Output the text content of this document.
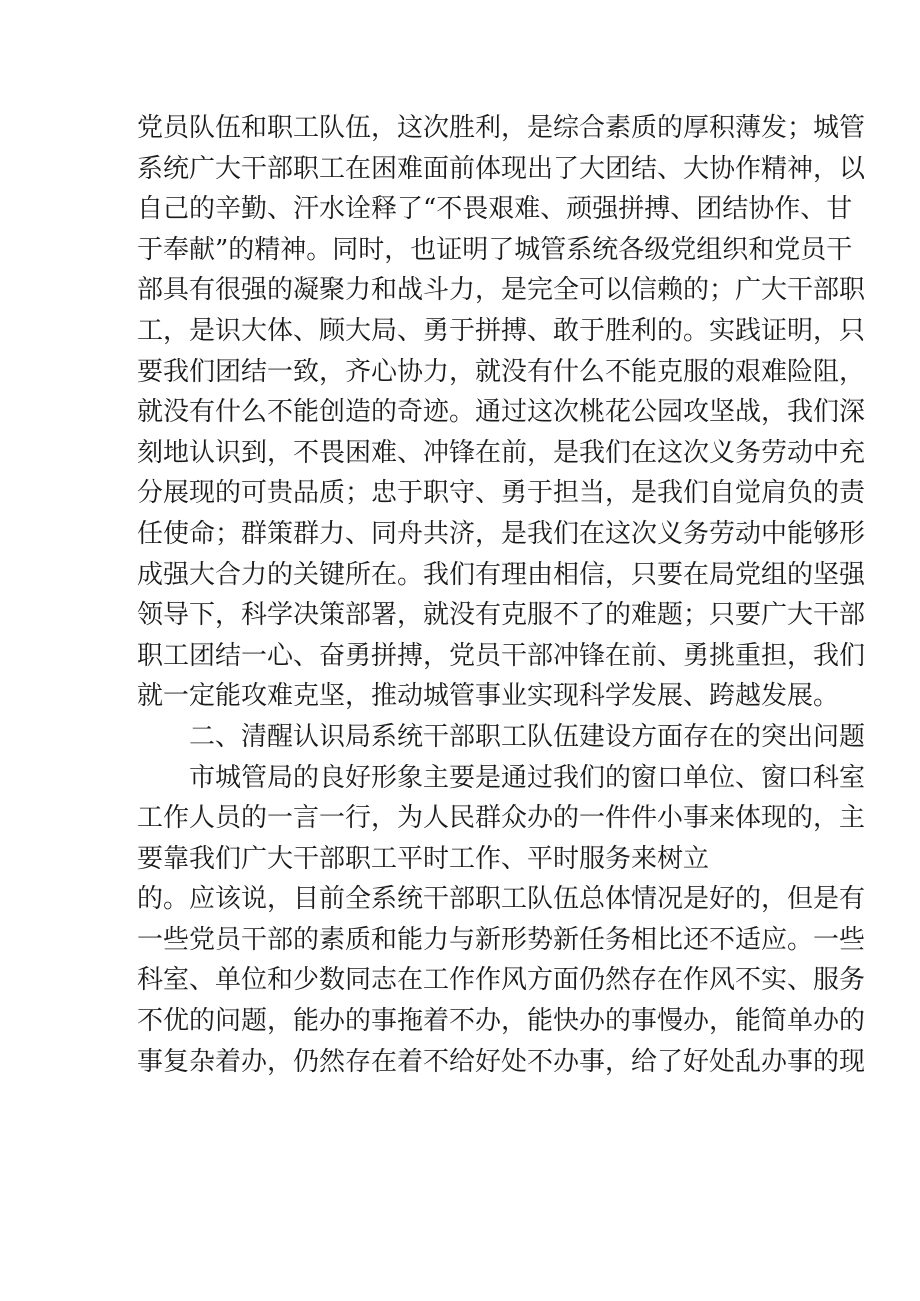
党员队伍和职工队伍，这次胜利，是综合素质的厚积薄发；城管
系统广大干部职工在困难面前体现出了大团结、大协作精神，以
自己的辛勤、汗水诠释了“不畏艰难、顽强拼搏、团结协作、甘
于奉献”的精神。同时，也证明了城管系统各级党组织和党员干
部具有很强的凝聚力和战斗力，是完全可以信赖的；广大干部职
工，是识大体、顾大局、勇于拼搏、敢于胜利的。实践证明，只
要我们团结一致，齐心协力，就没有什么不能克服的艰难险阻，
就没有什么不能创造的奇迹。通过这次桃花公园攻坚战，我们深
刻地认识到，不畏困难、冲锋在前，是我们在这次义务劳动中充
分展现的可贵品质；忠于职守、勇于担当，是我们自觉肩负的责
任使命；群策群力、同舟共济，是我们在这次义务劳动中能够形
成强大合力的关键所在。我们有理由相信，只要在局党组的坚强
领导下，科学决策部署，就没有克服不了的难题；只要广大干部
职工团结一心、奋勇拼搏，党员干部冲锋在前、勇挑重担，我们
就一定能攻难克坚，推动城管事业实现科学发展、跨越发展。
二、清醒认识局系统干部职工队伍建设方面存在的突出问题
市城管局的良好形象主要是通过我们的窗口单位、窗口科室
工作人员的一言一行，为人民群众办的一件件小事来体现的，主
要靠我们广大干部职工平时工作、平时服务来树立
的。应该说，目前全系统干部职工队伍总体情况是好的，但是有
一些党员干部的素质和能力与新形势新任务相比还不适应。一些
科室、单位和少数同志在工作作风方面仍然存在作风不实、服务
不优的问题，能办的事拖着不办，能快办的事慢办，能简单办的
事复杂着办，仍然存在着不给好处不办事，给了好处乱办事的现
